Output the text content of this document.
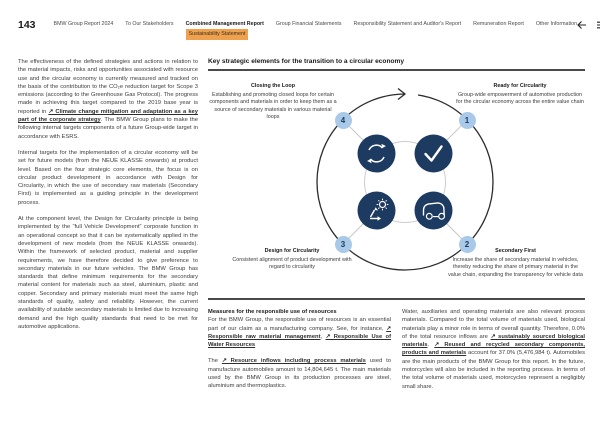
143	BMW Group Report 2024 To Our Stakeholders Combined Management Report
Sustainability Statement
Group Financial Statements Responsibility Statement and Auditor's Report Remuneration Report Other Information

The effectiveness of the defined strategies and actions in relation to the material impacts, risks and opportunities associated with resource use and the circular economy is currently measured and tracked on the basis of the contribution to the CO₂e reduction target for Scope 3 emissions (according to the Greenhouse Gas Protocol). The progress made in achieving this target compared to the 2019 base year is reported in ↗ Climate change mitigation and adaptation as a key part of the corporate strategy. The BMW Group plans to make the following internal targets components of a future Group-wide target in accordance with ESRS.

Internal targets for the implementation of a circular economy will be set for future models (from the NEUE KLASSE onwards) at product level. Based on the four strategic core elements, the focus is on circular product development in accordance with Design for Circularity, in which the use of secondary raw materials (Secondary First) is implemented as a guiding principle in the development process.

At the component level, the Design for Circularity principle is being implemented by the “full Vehicle Development” corporate function in an operational concept so that it can be systematically applied in the development of new models (from the NEUE KLASSE onwards). Within the framework of selected product, material and supplier requirements, we have therefore decided to give preference to secondary materials in our future vehicles. The BMW Group has standards that define minimum requirements for the secondary material content for materials such as steel, aluminium, plastic and copper. Secondary and primary materials must meet the same high standards of quality, safety and reliability. However, the current availability of suitable secondary materials is limited due to increasing demand and the high quality standards that need to be met for automotive applications.

Key strategic elements for the transition to a circular economy
4	1
3	2
Closing the Loop
Establishing and promoting closed loops for certain components and materials in order to keep them as a source of secondary materials in various material loops
Ready for Circularity
Group-wide empowerment of automotive production for the circular economy across the entire value chain
Design for Circularity
Consistent alignment of product development with regard to circularity
Secondary First
Increase the share of secondary material in vehicles, thereby reducing the share of primary material in the value chain, expanding the transparency for vehicle data
Measures for the responsible use of resources

For the BMW Group, the responsible use of resources is an essential part of our claim as a manufacturing company. See, for instance, ↗ Responsible raw material management, ↗ Responsible Use of Water Resources

The ↗ Resource inflows including process materials used to manufacture automobiles amount to 14,804,645 t. The main materials used by the BMW Group in its production processes are steel, aluminium and thermoplastics.

Water, auxiliaries and operating materials are also relevant process materials. Compared to the total volume of materials used, biological materials play a minor role in terms of overall quantity. Therefore, 0.0% of the total resource inflows are ↗ sustainably sourced biological materials. ↗ Reused and recycled secondary components, products and materials account for 37.0% (5,476,984 t). Automobiles are the main products of the BMW Group for this report. In the future, motorcycles will also be included in the reporting process. In terms of the total volume of materials used, motorcycles represent a negligibly small share.
